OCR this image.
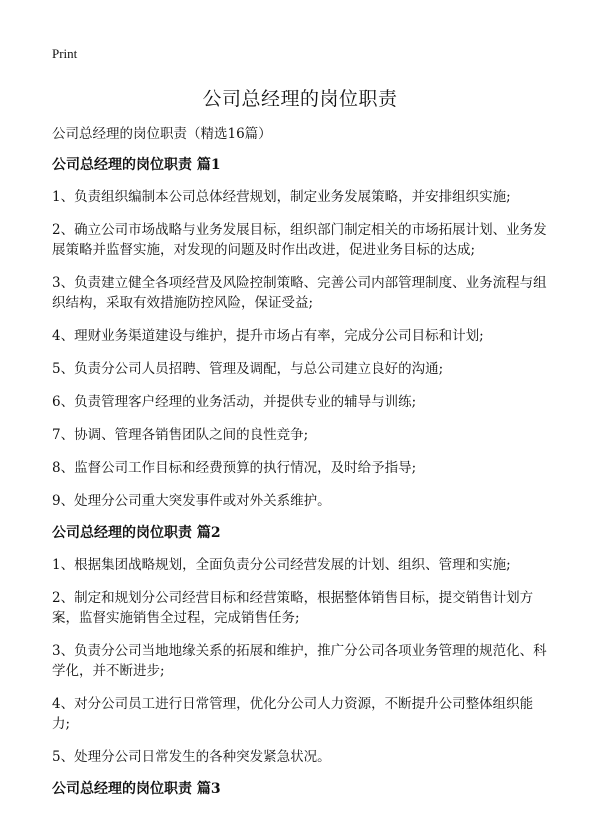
Print
公司总经理的岗位职责

公司总经理的岗位职责（精选16篇）

公司总经理的岗位职责 篇1

1、负责组织编制本公司总体经营规划，制定业务发展策略，并安排组织实施;

2、确立公司市场战略与业务发展目标，组织部门制定相关的市场拓展计划、业务发展策略并监督实施，对发现的问题及时作出改进，促进业务目标的达成;

3、负责建立健全各项经营及风险控制策略、完善公司内部管理制度、业务流程与组织结构，采取有效措施防控风险，保证受益;

4、理财业务渠道建设与维护，提升市场占有率，完成分公司目标和计划;

5、负责分公司人员招聘、管理及调配，与总公司建立良好的沟通;

6、负责管理客户经理的业务活动，并提供专业的辅导与训练;

7、协调、管理各销售团队之间的良性竞争;

8、监督公司工作目标和经费预算的执行情况，及时给予指导;

9、处理分公司重大突发事件或对外关系维护。

公司总经理的岗位职责 篇2

1、根据集团战略规划，全面负责分公司经营发展的计划、组织、管理和实施;

2、制定和规划分公司经营目标和经营策略，根据整体销售目标，提交销售计划方案，监督实施销售全过程，完成销售任务;

3、负责分公司当地地缘关系的拓展和维护，推广分公司各项业务管理的规范化、科学化，并不断进步;

4、对分公司员工进行日常管理，优化分公司人力资源，不断提升公司整体组织能力;

5、处理分公司日常发生的各种突发紧急状况。

公司总经理的岗位职责 篇3
